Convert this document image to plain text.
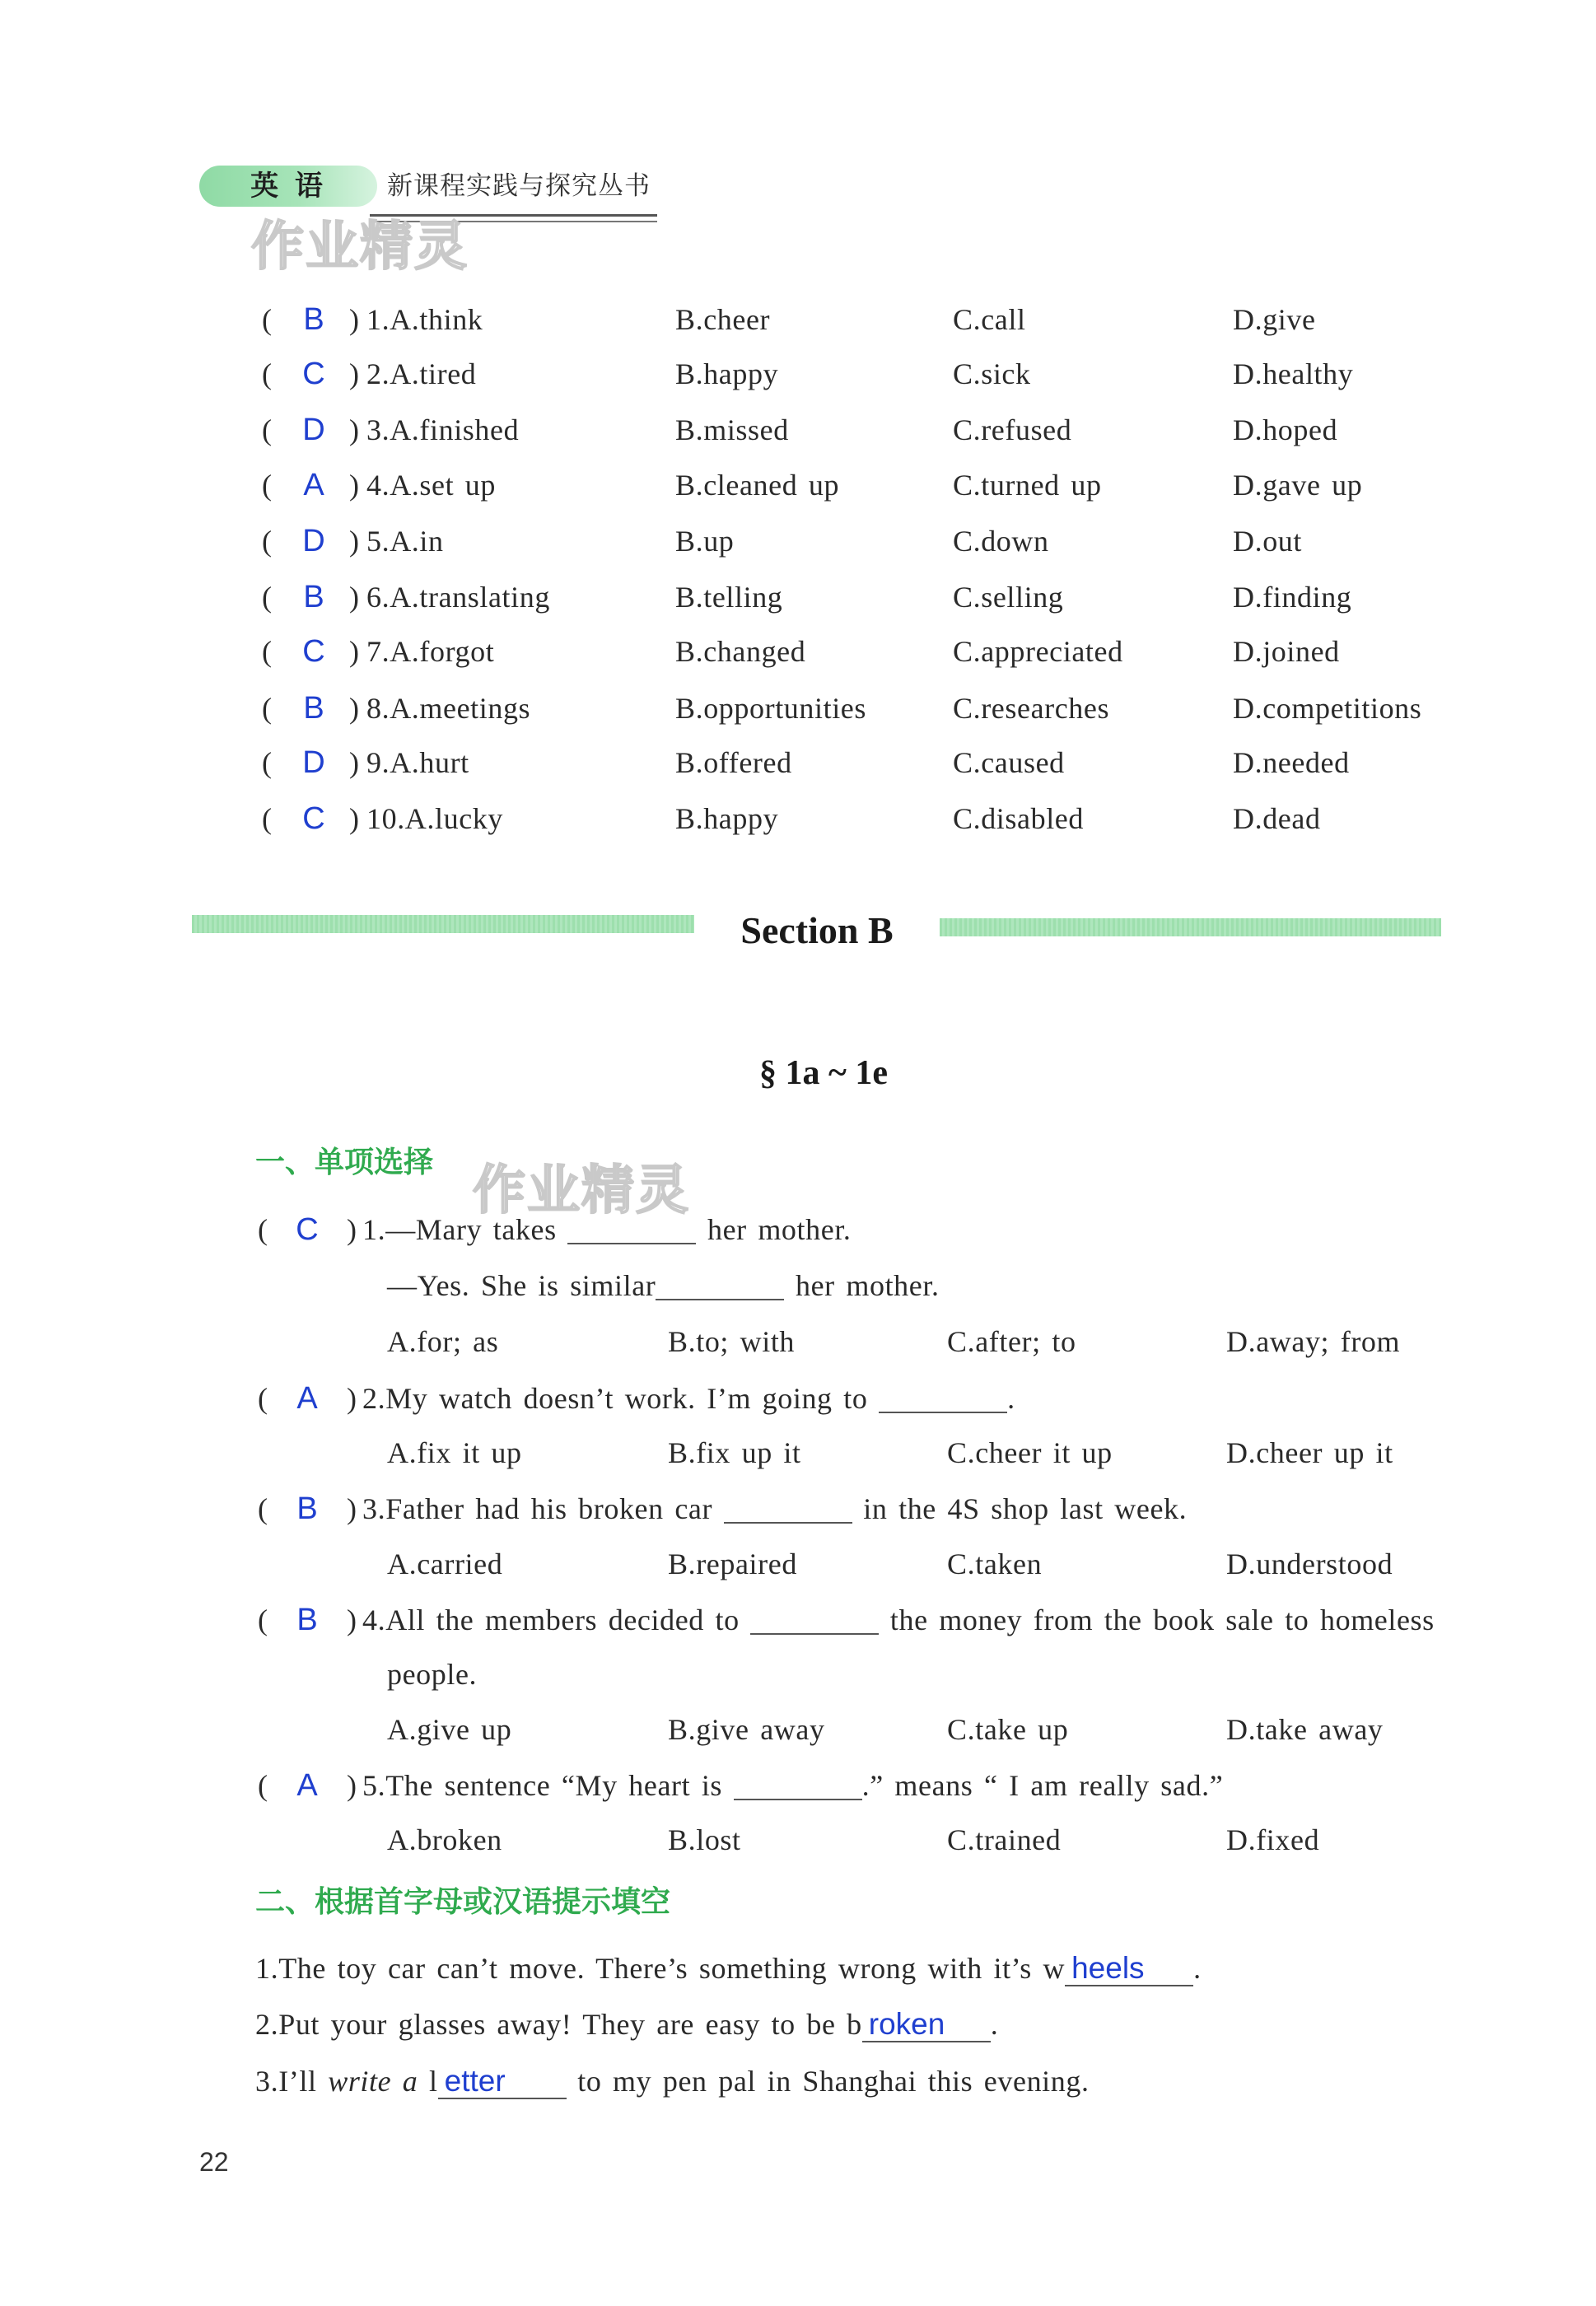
英 语	新课程实践与探究丛书
作业精灵
( B ) 1.A.think	B.cheer	C.call	D.give
( C ) 2.A.tired	B.happy	C.sick	D.healthy
( D ) 3.A.finished	B.missed	C.refused	D.hoped
( A ) 4.A.set up	B.cleaned up	C.turned up	D.gave up
( D ) 5.A.in	B.up	C.down	D.out
( B ) 6.A.translating	B.telling	C.selling	D.finding
( C ) 7.A.forgot	B.changed	C.appreciated	D.joined
( B ) 8.A.meetings	B.opportunities	C.researches	D.competitions
( D ) 9.A.hurt	B.offered	C.caused	D.needed
( C ) 10.A.lucky	B.happy	C.disabled	D.dead
Section B
§ 1a ~ 1e
一、单项选择 作业精灵
( C ) 1.—Mary takes	her mother.
—Yes. She is similar	her mother.
A.for; as	B.to; with	C.after; to	D.away; from
( A ) 2.My watch doesn’t work. I’m going to	.
A.fix it up	B.fix up it	C.cheer it up	D.cheer up it
( B ) 3.Father had his broken car	in the 4S shop last week.
A.carried	B.repaired	C.taken	D.understood
( B ) 4.All the members decided to	the money from the book sale to homeless
people.
A.give up	B.give away	C.take up	D.take away
( A ) 5.The sentence “My heart is	.” means “ I am really sad.”
A.broken	B.lost	C.trained	D.fixed
二、根据首字母或汉语提示填空
1.The toy car can’t move. There’s something wrong with it’s w heels .
2.Put your glasses away! They are easy to be b roken .
3.I’ll write a l etter to my pen pal in Shanghai this evening.
22
